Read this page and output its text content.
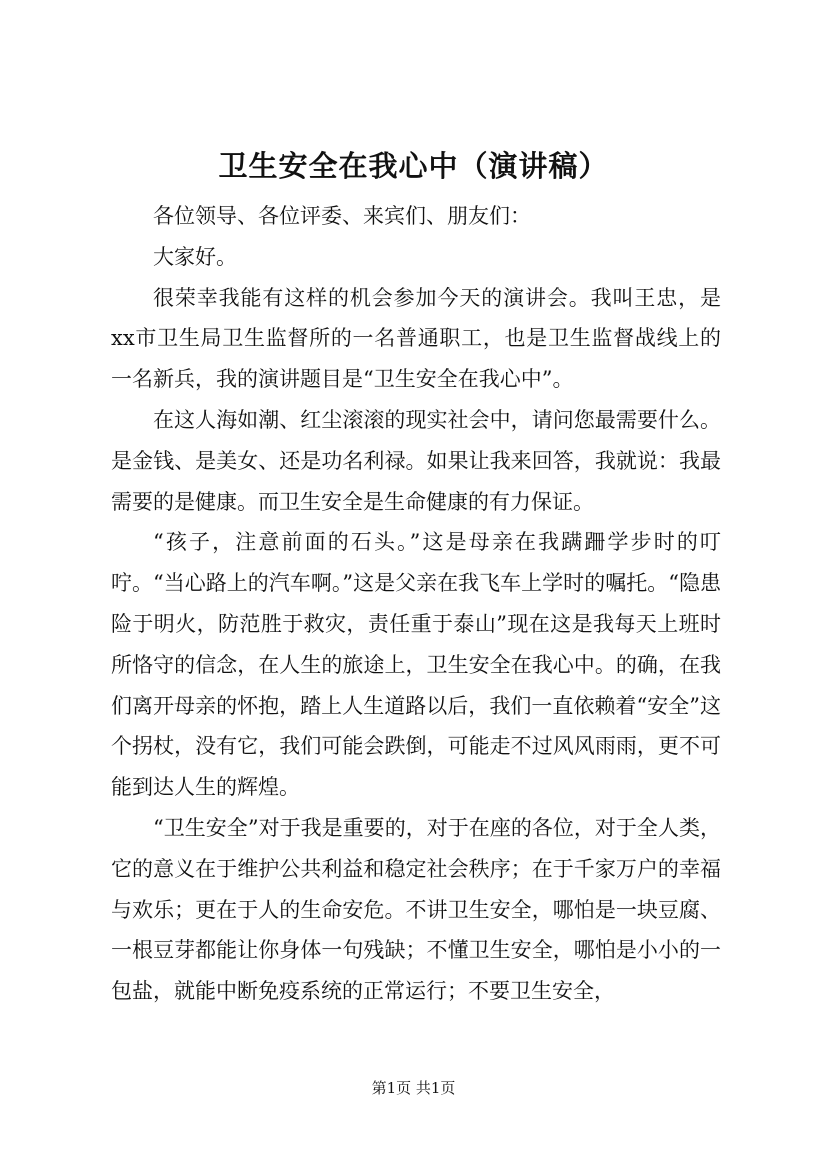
卫生安全在我心中（演讲稿）

各位领导、各位评委、来宾们、朋友们：

大家好。

很荣幸我能有这样的机会参加今天的演讲会。我叫王忠，是xx市卫生局卫生监督所的一名普通职工，也是卫生监督战线上的一名新兵，我的演讲题目是“卫生安全在我心中”。

在这人海如潮、红尘滚滚的现实社会中，请问您最需要什么。是金钱、是美女、还是功名利禄。如果让我来回答，我就说：我最需要的是健康。而卫生安全是生命健康的有力保证。

“孩子，注意前面的石头。”这是母亲在我蹒跚学步时的叮咛。“当心路上的汽车啊。”这是父亲在我飞车上学时的嘱托。“隐患险于明火，防范胜于救灾，责任重于泰山”现在这是我每天上班时所恪守的信念，在人生的旅途上，卫生安全在我心中。的确，在我们离开母亲的怀抱，踏上人生道路以后，我们一直依赖着“安全”这个拐杖，没有它，我们可能会跌倒，可能走不过风风雨雨，更不可能到达人生的辉煌。

“卫生安全”对于我是重要的，对于在座的各位，对于全人类，它的意义在于维护公共利益和稳定社会秩序；在于千家万户的幸福与欢乐；更在于人的生命安危。不讲卫生安全，哪怕是一块豆腐、一根豆芽都能让你身体一句残缺；不懂卫生安全，哪怕是小小的一包盐，就能中断免疫系统的正常运行；不要卫生安全，

第1页 共1页
